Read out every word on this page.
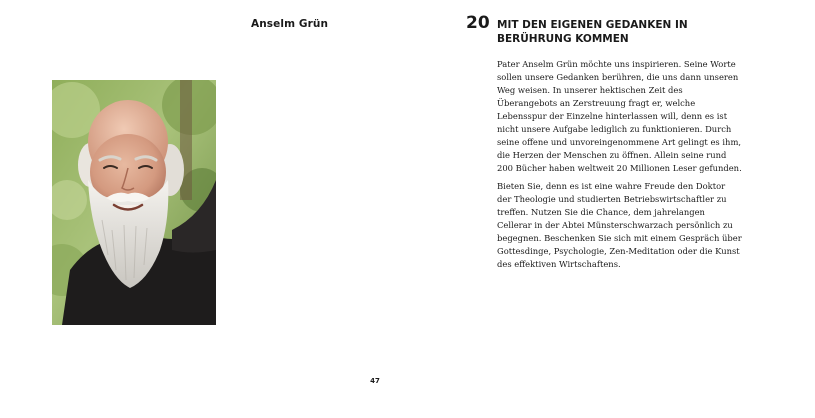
Anselm Grün	20 MIT DEN EIGENEN GEDANKEN IN BERÜHRUNG KOMMEN

Pater Anselm Grün möchte uns inspirieren. Seine Worte sollen unsere Gedanken berühren, die uns dann unseren Weg weisen. In unserer hektischen Zeit des Überangebots an Zerstreuung fragt er, welche Lebensspur der Einzelne hinterlassen will, denn es ist nicht unsere Aufgabe lediglich zu funktionieren. Durch seine offene und unvoreingenommene Art gelingt es ihm, die Herzen der Menschen zu öffnen. Allein seine rund 200 Bücher haben weltweit 20 Millionen Leser gefunden.

Bieten Sie, denn es ist eine wahre Freude den Doktor der Theologie und studierten Betriebswirtschaftler zu treffen. Nutzen Sie die Chance, dem jahrelangen Cellerar in der Abtei Münsterschwarzach persönlich zu begegnen. Beschenken Sie sich mit einem Gespräch über Gottesdinge, Psychologie, Zen-Meditation oder die Kunst des effektiven Wirtschaftens.

47
